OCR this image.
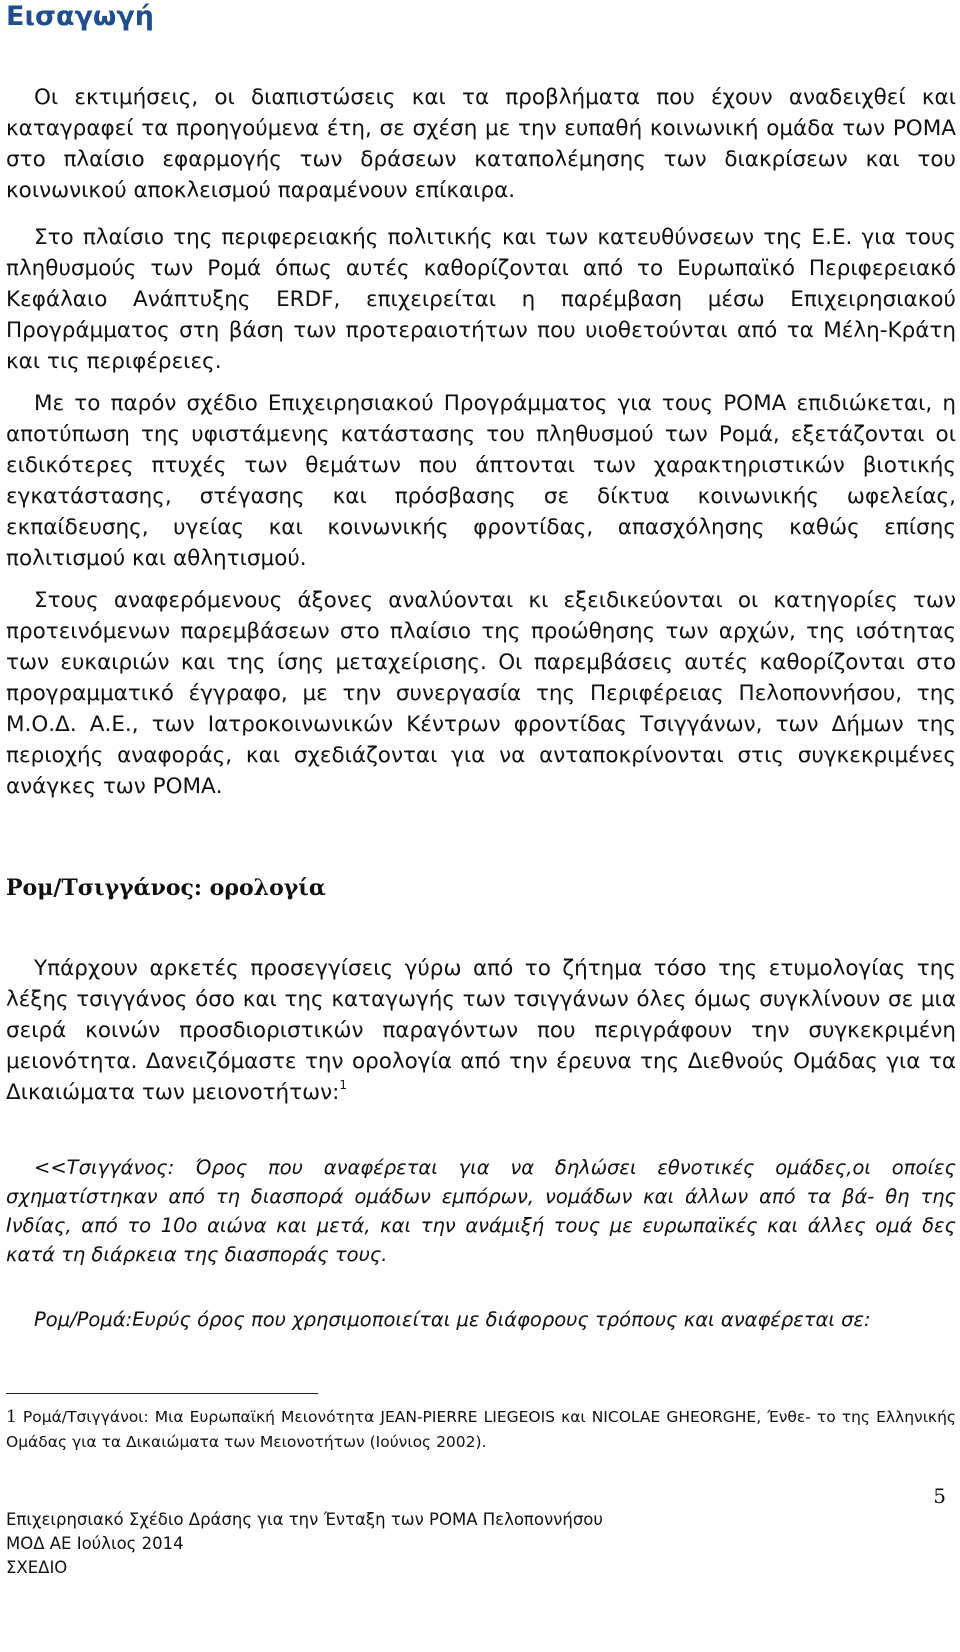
Εισαγωγή

Οι εκτιμήσεις, οι διαπιστώσεις και τα προβλήματα που έχουν αναδειχθεί και καταγραφεί τα προηγούμενα έτη, σε σχέση με την ευπαθή κοινωνική ομάδα των ΡΟΜΑ στο πλαίσιο εφαρμογής των δράσεων καταπολέμησης των διακρίσεων και του κοινωνικού αποκλεισμού παραμένουν επίκαιρα.

Στο πλαίσιο της περιφερειακής πολιτικής και των κατευθύνσεων της Ε.Ε. για τους πληθυσμούς των Ρομά όπως αυτές καθορίζονται από το Ευρωπαϊκό Περιφερειακό Κεφάλαιο Ανάπτυξης ERDF, επιχειρείται η παρέμβαση μέσω Επιχειρησιακού Προγράμματος στη βάση των προτεραιοτήτων που υιοθετούνται από τα Μέλη-Κράτη και τις περιφέρειες.

Με το παρόν σχέδιο Επιχειρησιακού Προγράμματος για τους ΡΟΜΑ επιδιώκεται, η αποτύπωση της υφιστάμενης κατάστασης του πληθυσμού των Ρομά, εξετάζονται οι ειδικότερες πτυχές των θεμάτων που άπτονται των χαρακτηριστικών βιοτικής εγκατάστασης, στέγασης και πρόσβασης σε δίκτυα κοινωνικής ωφελείας, εκπαίδευσης, υγείας και κοινωνικής φροντίδας, απασχόλησης καθώς επίσης πολιτισμού και αθλητισμού.

Στους αναφερόμενους άξονες αναλύονται κι εξειδικεύονται οι κατηγορίες των προτεινόμενων παρεμβάσεων στο πλαίσιο της προώθησης των αρχών, της ισότητας των ευκαιριών και της ίσης μεταχείρισης. Οι παρεμβάσεις αυτές καθορίζονται στο προγραμματικό έγγραφο, με την συνεργασία της Περιφέρειας Πελοποννήσου, της Μ.Ο.Δ. Α.Ε., των Ιατροκοινωνικών Κέντρων φροντίδας Τσιγγάνων, των Δήμων της περιοχής αναφοράς, και σχεδιάζονται για να ανταποκρίνονται στις συγκεκριμένες ανάγκες των ΡΟΜΑ.

Ρομ/Τσιγγάνος: ορολογία

Υπάρχουν αρκετές προσεγγίσεις γύρω από το ζήτημα τόσο της ετυμολογίας της λέξης τσιγγάνος όσο και της καταγωγής των τσιγγάνων όλες όμως συγκλίνουν σε μια σειρά κοινών προσδιοριστικών παραγόντων που περιγράφουν την συγκεκριμένη μειονότητα. Δανειζόμαστε την ορολογία από την έρευνα της Διεθνούς Ομάδας για τα Δικαιώματα των μειονοτήτων:$^1$

<<Τσιγγάνος: Όρος που αναφέρεται για να δηλώσει εθνοτικές ομάδες,οι οποίες σχηματίστηκαν από τη διασπορά ομάδων εμπόρων, νομάδων και άλλων από τα βά- θη της Ινδίας, από το 10ο αιώνα και μετά, και την ανάμιξή τους με ευρωπαϊκές και άλλες ομά δες κατά τη διάρκεια της διασποράς τους.

Ρομ/Ρομά:Ευρύς όρος που χρησιμοποιείται με διάφορους τρόπους και αναφέρεται σε:

1 Ρομά/Τσιγγάνοι: Μια Ευρωπαϊκή Μειονότητα JEAN-PIERRE LIEGEOIS και NICOLAE GHEORGHE, Ένθε- το της Ελληνικής Ομάδας για τα Δικαιώματα των Μειονοτήτων (Ιούνιος 2002).

5
Επιχειρησιακό Σχέδιο Δράσης για την Ένταξη των ΡΟΜΑ Πελοποννήσου
ΜΟΔ ΑΕ Ιούλιος 2014
ΣΧΕΔΙΟ
